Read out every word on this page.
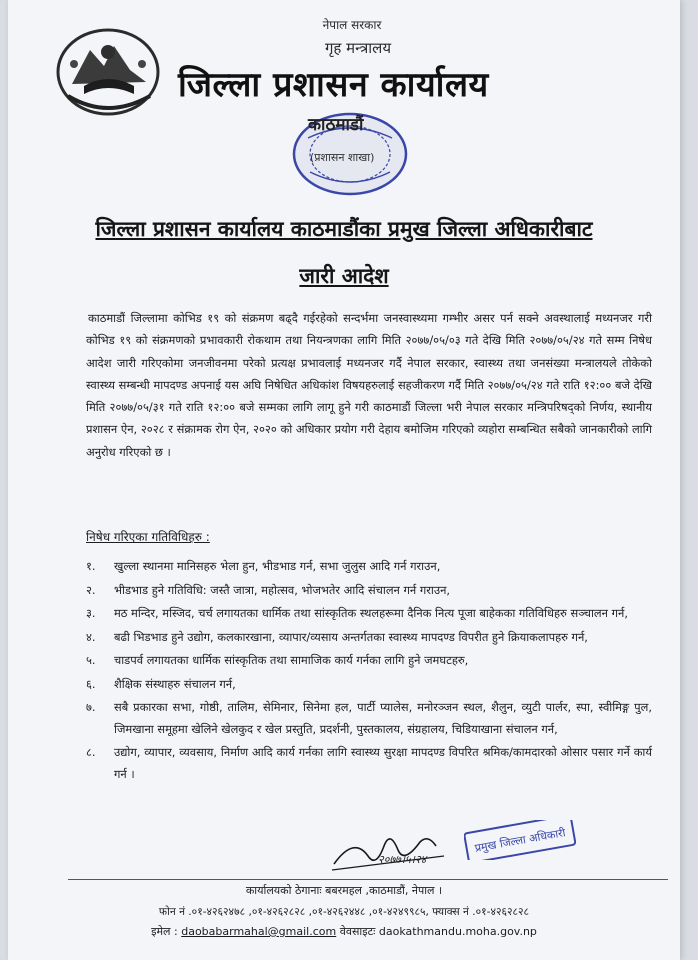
नेपाल सरकार
गृह मन्त्रालय
जिल्ला प्रशासन कार्यालय
काठमाडौं
(प्रशासन शाखा)
जिल्ला प्रशासन कार्यालय काठमाडौंका प्रमुख जिल्ला अधिकारीबाट
जारी आदेश
काठमाडौं जिल्लामा कोभिड १९ को संक्रमण बढ्दै गईरहेको सन्दर्भमा जनस्वास्थ्यमा गम्भीर असर पर्न सक्ने अवस्थालाई मध्यनजर गरी कोभिड १९ को संक्रमणको प्रभावकारी रोकथाम तथा नियन्त्रणका लागि मिति २०७७/०५/०३ गते देखि मिति २०७७/०५/२४ गते सम्म निषेध आदेश जारी गरिएकोमा जनजीवनमा परेको प्रत्यक्ष प्रभावलाई मध्यनजर गर्दै नेपाल सरकार, स्वास्थ्य तथा जनसंख्या मन्त्रालयले तोकेको स्वास्थ्य सम्बन्धी मापदण्ड अपनाई यस अघि निषेधित अधिकांश विषयहरुलाई सहजीकरण गर्दै मिति २०७७/०५/२४ गते राति १२:०० बजे देखि मिति २०७७/०५/३१ गते राति १२:०० बजे सम्मका लागि लागू हुने गरी काठमाडौं जिल्ला भरी नेपाल सरकार मन्त्रिपरिषद्को निर्णय, स्थानीय प्रशासन ऐन, २०२८ र संक्रामक रोग ऐन, २०२० को अधिकार प्रयोग गरी देहाय बमोजिम गरिएको व्यहोरा सम्बन्धित सबैको जानकारीको लागि अनुरोध गरिएको छ ।
निषेध गरिएका गतिविधिहरु :
१. खुल्ला स्थानमा मानिसहरु भेला हुन, भीडभाड गर्न, सभा जुलुस आदि गर्न गराउन,
२. भीडभाड हुने गतिविधि: जस्तै जात्रा, महोत्सव, भोजभतेर आदि संचालन गर्न गराउन,
३. मठ मन्दिर, मस्जिद, चर्च लगायतका धार्मिक तथा सांस्कृतिक स्थलहरूमा दैनिक नित्य पूजा बाहेकका गतिविधिहरु सञ्चालन गर्न,
४. बढी भिडभाड हुने उद्योग, कलकारखाना, व्यापार/व्यसाय अन्तर्गतका स्वास्थ्य मापदण्ड विपरीत हुने क्रियाकलापहरु गर्न,
५. चाडपर्व लगायतका धार्मिक सांस्कृतिक तथा सामाजिक कार्य गर्नका लागि हुने जमघटहरु,
६. शैक्षिक संस्थाहरु संचालन गर्न,
७. सबै प्रकारका सभा, गोष्ठी, तालिम, सेमिनार, सिनेमा हल, पार्टी प्यालेस, मनोरञ्जन स्थल, शैलुन, व्युटी पार्लर, स्पा, स्वीमिङ्ग पुल, जिमखाना समूहमा खेलिने खेलकुद र खेल प्रस्तुति, प्रदर्शनी, पुस्तकालय, संग्रहालय, चिडियाखाना संचालन गर्न,
८. उद्योग, व्यापार, व्यवसाय, निर्माण आदि कार्य गर्नका लागि स्वास्थ्य सुरक्षा मापदण्ड विपरित श्रमिक/कामदारको ओसार पसार गर्ने कार्य गर्न ।
२०७७।५।२४
प्रमुख जिल्ला अधिकारी
कार्यालयको ठेगानाः बबरमहल ,काठमाडौं, नेपाल ।
फोन नं .०१-४२६२४७८ ,०१-४२६२८२८ ,०१-४२६२४४८ ,०१-४२४९९८५, फ्याक्स नं .०१-४२६२८२८
इमेल : daobabarmahal@gmail.com वेवसाइटः daokathmandu.moha.gov.np
